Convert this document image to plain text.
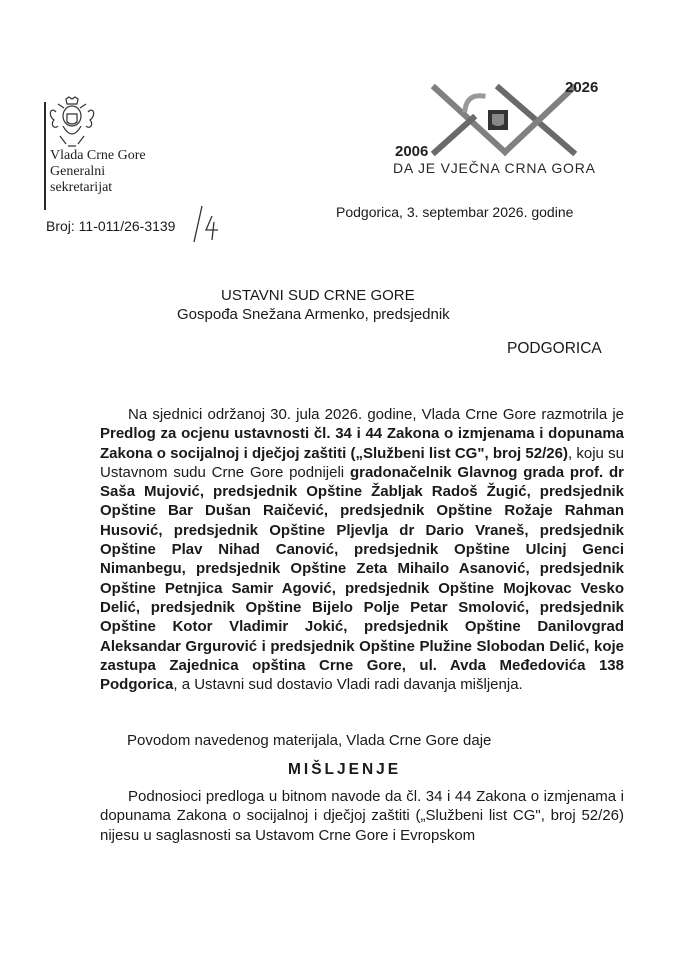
Vlada Crne Gore
Generalni
sekretarijat
2026
2006
DA JE VJEČNA CRNA GORA
Broj: 11-011/26-3139
Podgorica, 3. septembar 2026. godine
USTAVNI SUD CRNE GORE
Gospođa Snežana Armenko, predsjednik
PODGORICA
Na sjednici održanoj 30. jula 2026. godine, Vlada Crne Gore razmotrila je Predlog za ocjenu ustavnosti čl. 34 i 44 Zakona o izmjenama i dopunama Zakona o socijalnoj i dječjoj zaštiti („Službeni list CG", broj 52/26), koju su Ustavnom sudu Crne Gore podnijeli gradonačelnik Glavnog grada prof. dr Saša Mujović, predsjednik Opštine Žabljak Radoš Žugić, predsjednik Opštine Bar Dušan Raičević, predsjednik Opštine Rožaje Rahman Husović, predsjednik Opštine Pljevlja dr Dario Vraneš, predsjednik Opštine Plav Nihad Canović, predsjednik Opštine Ulcinj Genci Nimanbegu, predsjednik Opštine Zeta Mihailo Asanović, predsjednik Opštine Petnjica Samir Agović, predsjednik Opštine Mojkovac Vesko Delić, predsjednik Opštine Bijelo Polje Petar Smolović, predsjednik Opštine Kotor Vladimir Jokić, predsjednik Opštine Danilovgrad Aleksandar Grgurović i predsjednik Opštine Plužine Slobodan Delić, koje zastupa Zajednica opština Crne Gore, ul. Avda Međedovića 138 Podgorica, a Ustavni sud dostavio Vladi radi davanja mišljenja.
Povodom navedenog materijala, Vlada Crne Gore daje
MIŠLJENJE
Podnosioci predloga u bitnom navode da čl. 34 i 44 Zakona o izmjenama i dopunama Zakona o socijalnoj i dječjoj zaštiti („Službeni list CG", broj 52/26) nijesu u saglasnosti sa Ustavom Crne Gore i Evropskom
